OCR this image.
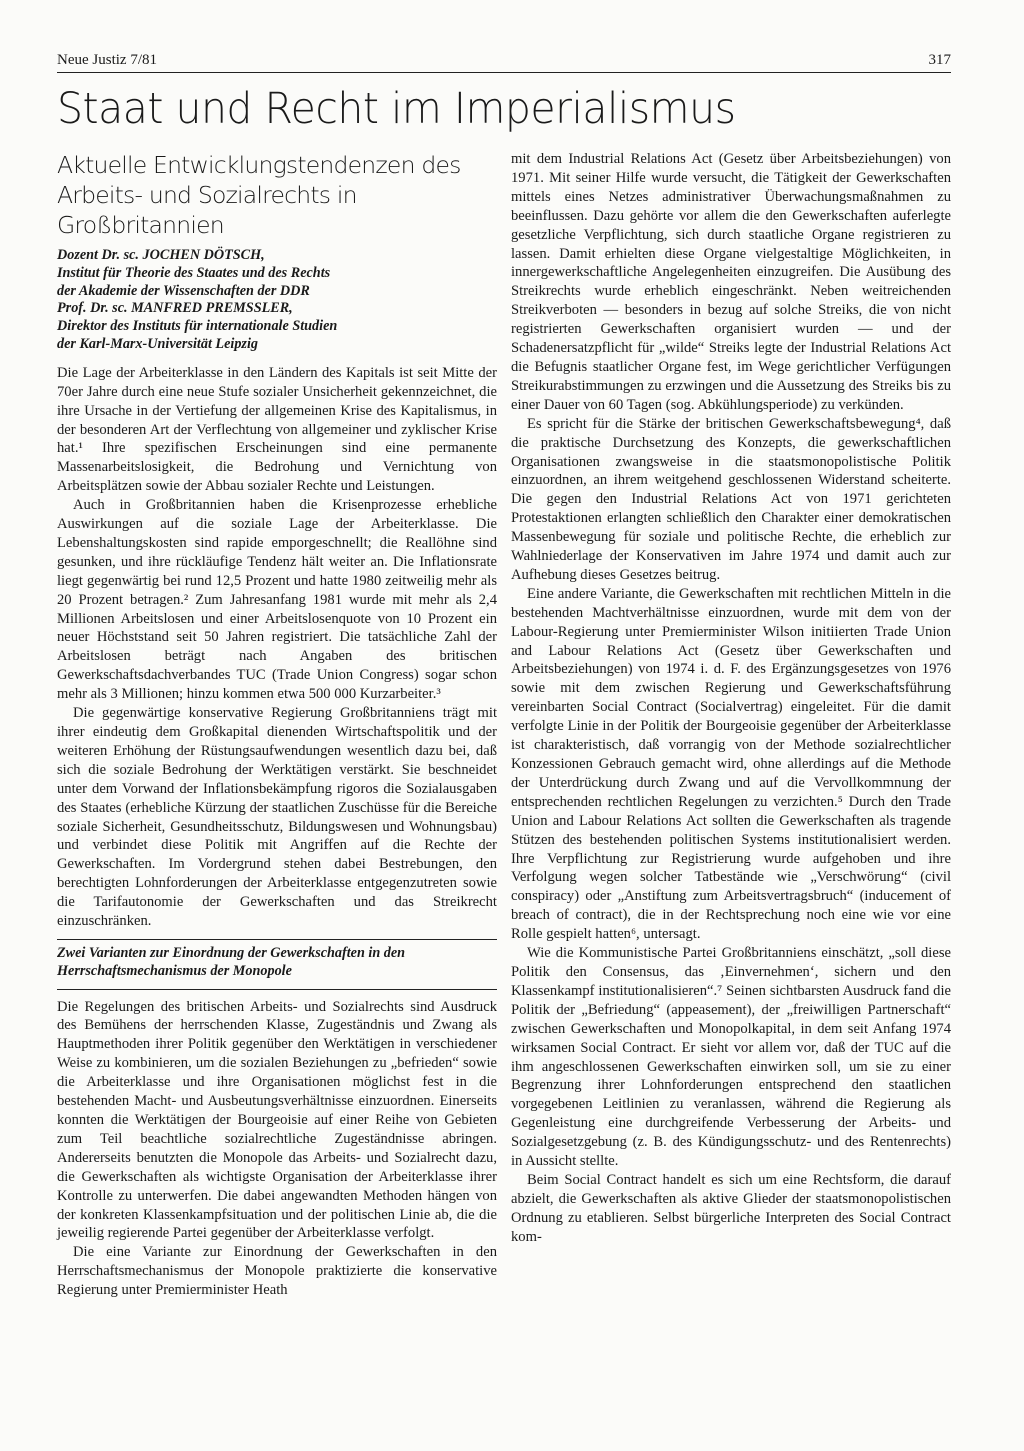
Neue Justiz 7/81	317
Staat und Recht im Imperialismus
Aktuelle Entwicklungstendenzen des
Arbeits- und Sozialrechts in Großbritannien
Dozent Dr. sc. JOCHEN DÖTSCH,
Institut für Theorie des Staates und des Rechts
der Akademie der Wissenschaften der DDR
Prof. Dr. sc. MANFRED PREMSSLER,
Direktor des Instituts für internationale Studien
der Karl-Marx-Universität Leipzig

Die Lage der Arbeiterklasse in den Ländern des Kapitals ist seit Mitte der 70er Jahre durch eine neue Stufe sozialer Unsicherheit gekennzeichnet, die ihre Ursache in der Vertiefung der allgemeinen Krise des Kapitalismus, in der besonderen Art der Verflechtung von allgemeiner und zyklischer Krise hat.¹ Ihre spezifischen Erscheinungen sind eine permanente Massenarbeitslosigkeit, die Bedrohung und Vernichtung von Arbeitsplätzen sowie der Abbau sozialer Rechte und Leistungen.

Auch in Großbritannien haben die Krisenprozesse erhebliche Auswirkungen auf die soziale Lage der Arbeiterklasse. Die Lebenshaltungskosten sind rapide emporgeschnellt; die Reallöhne sind gesunken, und ihre rückläufige Tendenz hält weiter an. Die Inflationsrate liegt gegenwärtig bei rund 12,5 Prozent und hatte 1980 zeitweilig mehr als 20 Prozent betragen.² Zum Jahresanfang 1981 wurde mit mehr als 2,4 Millionen Arbeitslosen und einer Arbeitslosenquote von 10 Prozent ein neuer Höchststand seit 50 Jahren registriert. Die tatsächliche Zahl der Arbeitslosen beträgt nach Angaben des britischen Gewerkschaftsdachverbandes TUC (Trade Union Congress) sogar schon mehr als 3 Millionen; hinzu kommen etwa 500 000 Kurzarbeiter.³

Die gegenwärtige konservative Regierung Großbritanniens trägt mit ihrer eindeutig dem Großkapital dienenden Wirtschaftspolitik und der weiteren Erhöhung der Rüstungsaufwendungen wesentlich dazu bei, daß sich die soziale Bedrohung der Werktätigen verstärkt. Sie beschneidet unter dem Vorwand der Inflationsbekämpfung rigoros die Sozialausgaben des Staates (erhebliche Kürzung der staatlichen Zuschüsse für die Bereiche soziale Sicherheit, Gesundheitsschutz, Bildungswesen und Wohnungsbau) und verbindet diese Politik mit Angriffen auf die Rechte der Gewerkschaften. Im Vordergrund stehen dabei Bestrebungen, den berechtigten Lohnforderungen der Arbeiterklasse entgegenzutreten sowie die Tarifautonomie der Gewerkschaften und das Streikrecht einzuschränken.

Zwei Varianten zur Einordnung der Gewerkschaften in den Herrschaftsmechanismus der Monopole

Die Regelungen des britischen Arbeits- und Sozialrechts sind Ausdruck des Bemühens der herrschenden Klasse, Zugeständnis und Zwang als Hauptmethoden ihrer Politik gegenüber den Werktätigen in verschiedener Weise zu kombinieren, um die sozialen Beziehungen zu „befrieden“ sowie die Arbeiterklasse und ihre Organisationen möglichst fest in die bestehenden Macht- und Ausbeutungsverhältnisse einzuordnen. Einerseits konnten die Werktätigen der Bourgeoisie auf einer Reihe von Gebieten zum Teil beachtliche sozialrechtliche Zugeständnisse abringen. Andererseits benutzten die Monopole das Arbeits- und Sozialrecht dazu, die Gewerkschaften als wichtigste Organisation der Arbeiterklasse ihrer Kontrolle zu unterwerfen. Die dabei angewandten Methoden hängen von der konkreten Klassenkampfsituation und der politischen Linie ab, die die jeweilig regierende Partei gegenüber der Arbeiterklasse verfolgt.

Die eine Variante zur Einordnung der Gewerkschaften in den Herrschaftsmechanismus der Monopole praktizierte die konservative Regierung unter Premierminister Heath

mit dem Industrial Relations Act (Gesetz über Arbeitsbeziehungen) von 1971. Mit seiner Hilfe wurde versucht, die Tätigkeit der Gewerkschaften mittels eines Netzes administrativer Überwachungsmaßnahmen zu beeinflussen. Dazu gehörte vor allem die den Gewerkschaften auferlegte gesetzliche Verpflichtung, sich durch staatliche Organe registrieren zu lassen. Damit erhielten diese Organe vielgestaltige Möglichkeiten, in innergewerkschaftliche Angelegenheiten einzugreifen. Die Ausübung des Streikrechts wurde erheblich eingeschränkt. Neben weitreichenden Streikverboten — besonders in bezug auf solche Streiks, die von nicht registrierten Gewerkschaften organisiert wurden — und der Schadenersatzpflicht für „wilde“ Streiks legte der Industrial Relations Act die Befugnis staatlicher Organe fest, im Wege gerichtlicher Verfügungen Streikurabstimmungen zu erzwingen und die Aussetzung des Streiks bis zu einer Dauer von 60 Tagen (sog. Abkühlungsperiode) zu verkünden.

Es spricht für die Stärke der britischen Gewerkschaftsbewegung⁴, daß die praktische Durchsetzung des Konzepts, die gewerkschaftlichen Organisationen zwangsweise in die staatsmonopolistische Politik einzuordnen, an ihrem weitgehend geschlossenen Widerstand scheiterte. Die gegen den Industrial Relations Act von 1971 gerichteten Protestaktionen erlangten schließlich den Charakter einer demokratischen Massenbewegung für soziale und politische Rechte, die erheblich zur Wahlniederlage der Konservativen im Jahre 1974 und damit auch zur Aufhebung dieses Gesetzes beitrug.

Eine andere Variante, die Gewerkschaften mit rechtlichen Mitteln in die bestehenden Machtverhältnisse einzuordnen, wurde mit dem von der Labour-Regierung unter Premierminister Wilson initiierten Trade Union and Labour Relations Act (Gesetz über Gewerkschaften und Arbeitsbeziehungen) von 1974 i. d. F. des Ergänzungsgesetzes von 1976 sowie mit dem zwischen Regierung und Gewerkschaftsführung vereinbarten Social Contract (Socialvertrag) eingeleitet. Für die damit verfolgte Linie in der Politik der Bourgeoisie gegenüber der Arbeiterklasse ist charakteristisch, daß vorrangig von der Methode sozialrechtlicher Konzessionen Gebrauch gemacht wird, ohne allerdings auf die Methode der Unterdrückung durch Zwang und auf die Vervollkommnung der entsprechenden rechtlichen Regelungen zu verzichten.⁵ Durch den Trade Union and Labour Relations Act sollten die Gewerkschaften als tragende Stützen des bestehenden politischen Systems institutionalisiert werden. Ihre Verpflichtung zur Registrierung wurde aufgehoben und ihre Verfolgung wegen solcher Tatbestände wie „Verschwörung“ (civil conspiracy) oder „Anstiftung zum Arbeitsvertragsbruch“ (inducement of breach of contract), die in der Rechtsprechung noch eine wie vor eine Rolle gespielt hatten⁶, untersagt.

Wie die Kommunistische Partei Großbritanniens einschätzt, „soll diese Politik den Consensus, das ‚Einvernehmen‘, sichern und den Klassenkampf institutionalisieren“.⁷ Seinen sichtbarsten Ausdruck fand die Politik der „Befriedung“ (appeasement), der „freiwilligen Partnerschaft“ zwischen Gewerkschaften und Monopolkapital, in dem seit Anfang 1974 wirksamen Social Contract. Er sieht vor allem vor, daß der TUC auf die ihm angeschlossenen Gewerkschaften einwirken soll, um sie zu einer Begrenzung ihrer Lohnforderungen entsprechend den staatlichen vorgegebenen Leitlinien zu veranlassen, während die Regierung als Gegenleistung eine durchgreifende Verbesserung der Arbeits- und Sozialgesetzgebung (z. B. des Kündigungsschutz- und des Rentenrechts) in Aussicht stellte.

Beim Social Contract handelt es sich um eine Rechtsform, die darauf abzielt, die Gewerkschaften als aktive Glieder der staatsmonopolistischen Ordnung zu etablieren. Selbst bürgerliche Interpreten des Social Contract kom-
